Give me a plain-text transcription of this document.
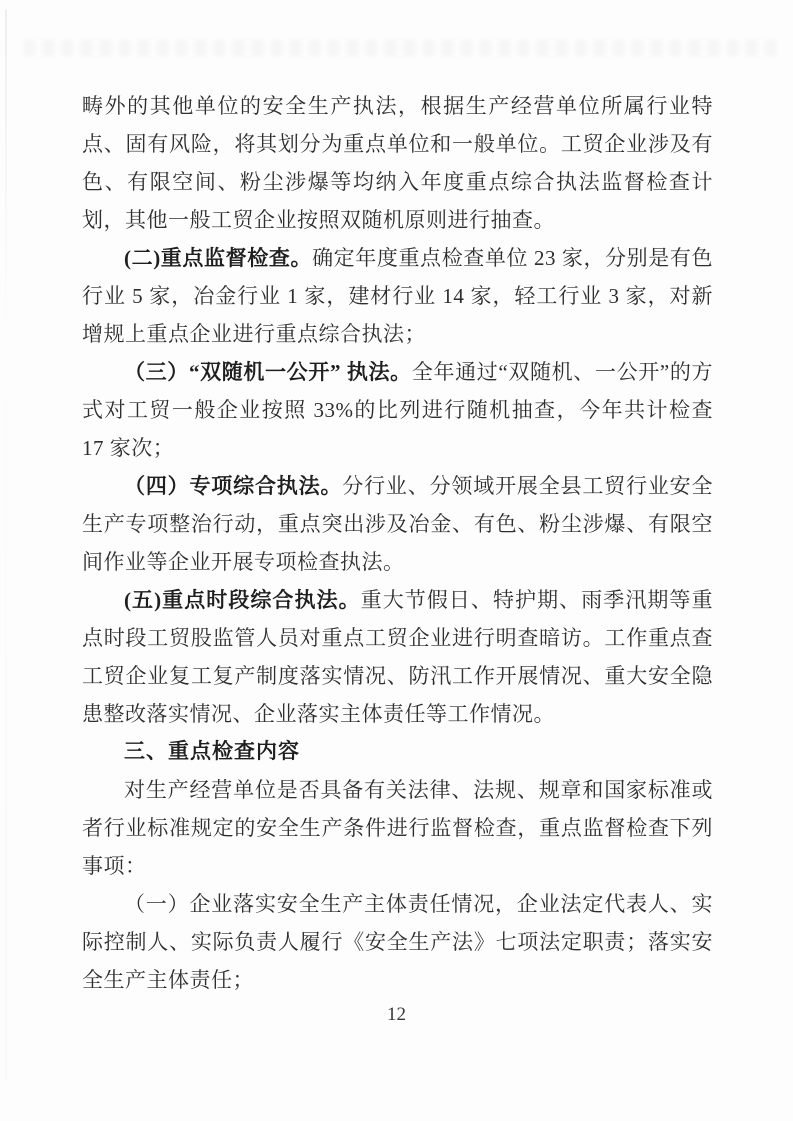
畴外的其他单位的安全生产执法，根据生产经营单位所属行业特点、固有风险，将其划分为重点单位和一般单位。工贸企业涉及有色、有限空间、粉尘涉爆等均纳入年度重点综合执法监督检查计划，其他一般工贸企业按照双随机原则进行抽查。

(二)重点监督检查。确定年度重点检查单位 23 家，分别是有色行业 5 家，冶金行业 1 家，建材行业 14 家，轻工行业 3 家，对新增规上重点企业进行重点综合执法；

（三）“双随机一公开” 执法。全年通过“双随机、一公开”的方式对工贸一般企业按照 33%的比列进行随机抽查，今年共计检查 17 家次；

（四）专项综合执法。分行业、分领域开展全县工贸行业安全生产专项整治行动，重点突出涉及冶金、有色、粉尘涉爆、有限空间作业等企业开展专项检查执法。

(五)重点时段综合执法。重大节假日、特护期、雨季汛期等重点时段工贸股监管人员对重点工贸企业进行明查暗访。工作重点查工贸企业复工复产制度落实情况、防汛工作开展情况、重大安全隐患整改落实情况、企业落实主体责任等工作情况。

三、重点检查内容

对生产经营单位是否具备有关法律、法规、规章和国家标准或者行业标准规定的安全生产条件进行监督检查，重点监督检查下列事项：

（一）企业落实安全生产主体责任情况，企业法定代表人、实际控制人、实际负责人履行《安全生产法》七项法定职责；落实安全生产主体责任；

12
